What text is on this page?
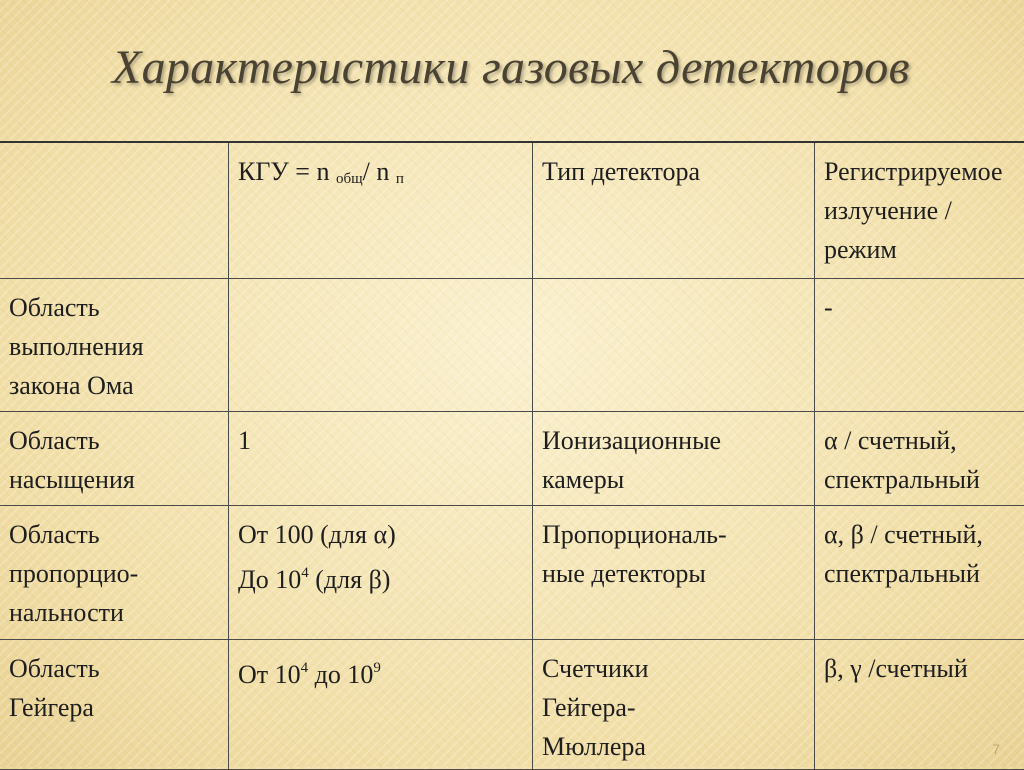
Характеристики газовых детекторов
	КГУ = n $_{общ}$/ n $_п$	Тип детектора	Регистрируемое
излучение /
режим

Область
выполнения
закона Ома			-

Область
насыщения	1	Ионизационные
камеры	α / счетный,
спектральный

Область
пропорцио-
нальности	От 100 (для α)
До $10^4$ (для β)	Пропорциональ-
ные детекторы	α, β / счетный,
спектральный

Область
Гейгера	От $10^4$ до $10^9$	Счетчики
Гейгера-
Мюллера	β, γ /счетный
7
